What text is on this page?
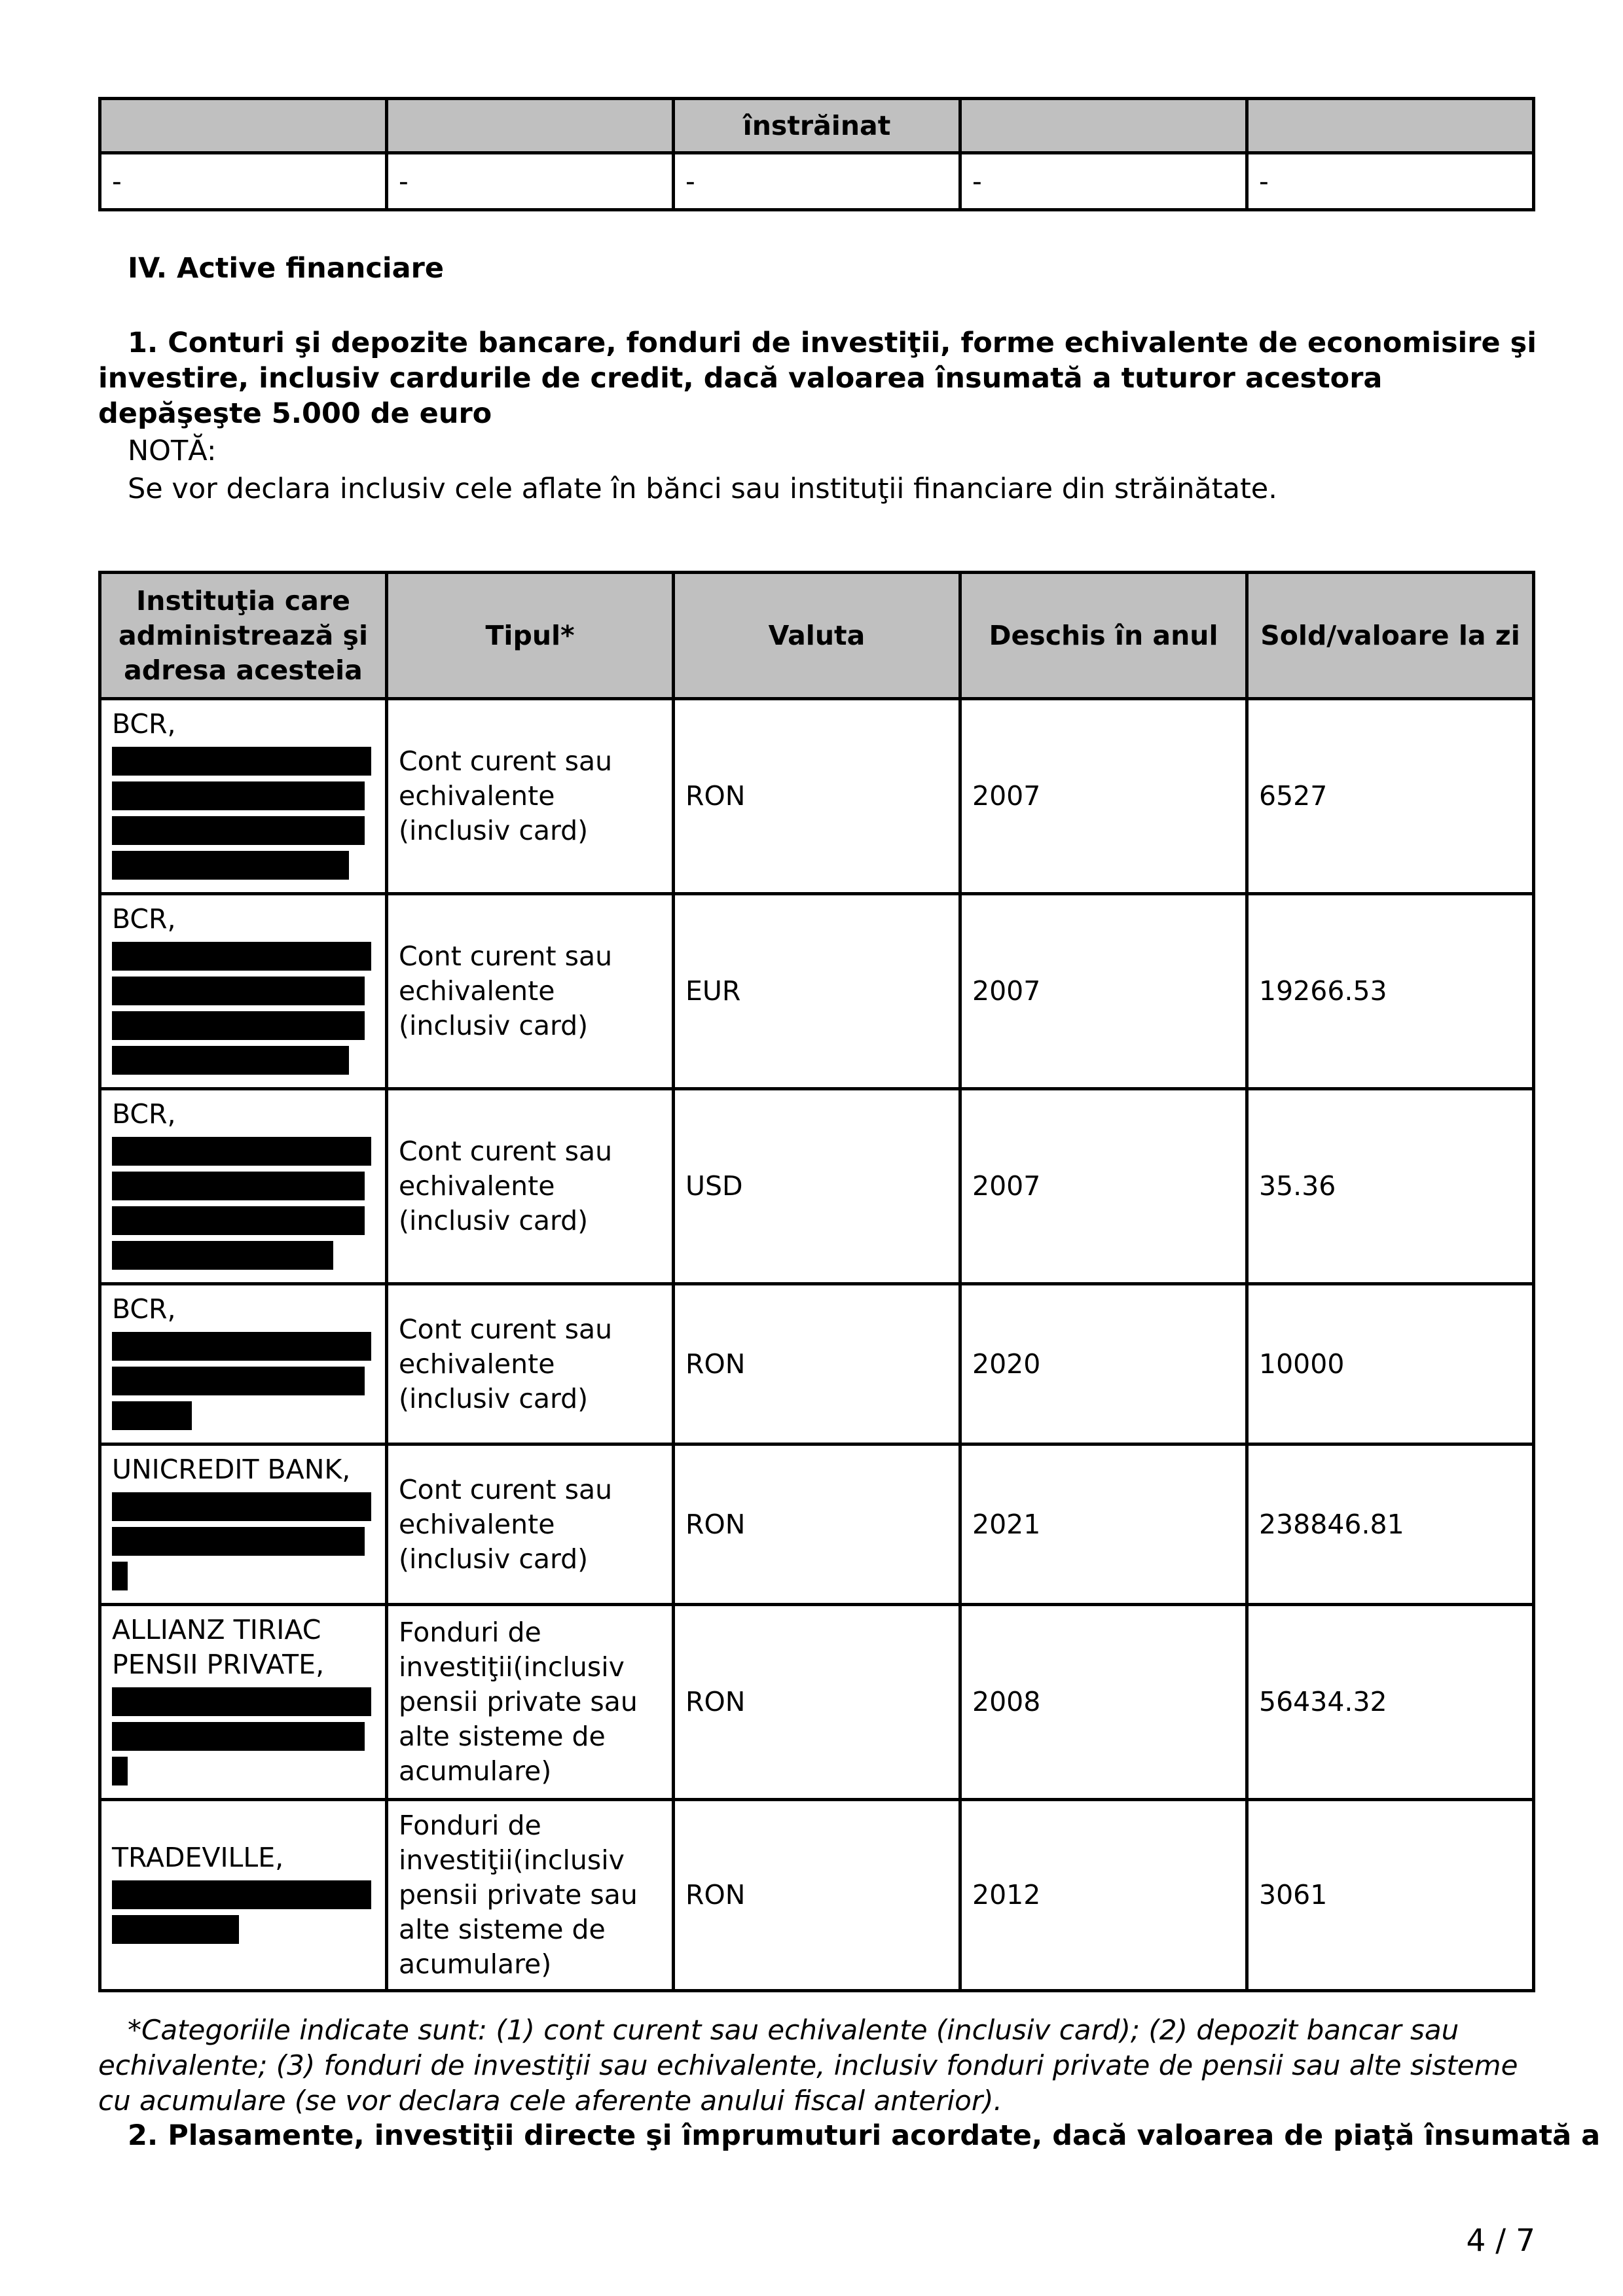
		înstrăinat		
-	-	-	-	-
IV. Active financiare
1. Conturi şi depozite bancare, fonduri de investiţii, forme echivalente de economisire şi investire, inclusiv cardurile de credit, dacă valoarea însumată a tuturor acestora depăşeşte 5.000 de euro
NOTĂ:
Se vor declara inclusiv cele aflate în bănci sau instituţii financiare din străinătate.
Instituţia care administrează şi adresa acesteia	Tipul*	Valuta	Deschis în anul	Sold/valoare la zi
BCR,	Cont curent sau echivalente (inclusiv card)	RON	2007	6527
BCR,	Cont curent sau echivalente (inclusiv card)	EUR	2007	19266.53
BCR,	Cont curent sau echivalente (inclusiv card)	USD	2007	35.36
BCR,	Cont curent sau echivalente (inclusiv card)	RON	2020	10000
UNICREDIT BANK,	Cont curent sau echivalente (inclusiv card)	RON	2021	238846.81
ALLIANZ TIRIAC PENSII PRIVATE,	Fonduri de investiţii(inclusiv pensii private sau alte sisteme de acumulare)	RON	2008	56434.32
TRADEVILLE,	Fonduri de investiţii(inclusiv pensii private sau alte sisteme de acumulare)	RON	2012	3061
*Categoriile indicate sunt: (1) cont curent sau echivalente (inclusiv card); (2) depozit bancar sau echivalente; (3) fonduri de investiţii sau echivalente, inclusiv fonduri private de pensii sau alte sisteme cu acumulare (se vor declara cele aferente anului fiscal anterior).
2. Plasamente, investiţii directe şi împrumuturi acordate, dacă valoarea de piaţă însumată a
4 / 7
